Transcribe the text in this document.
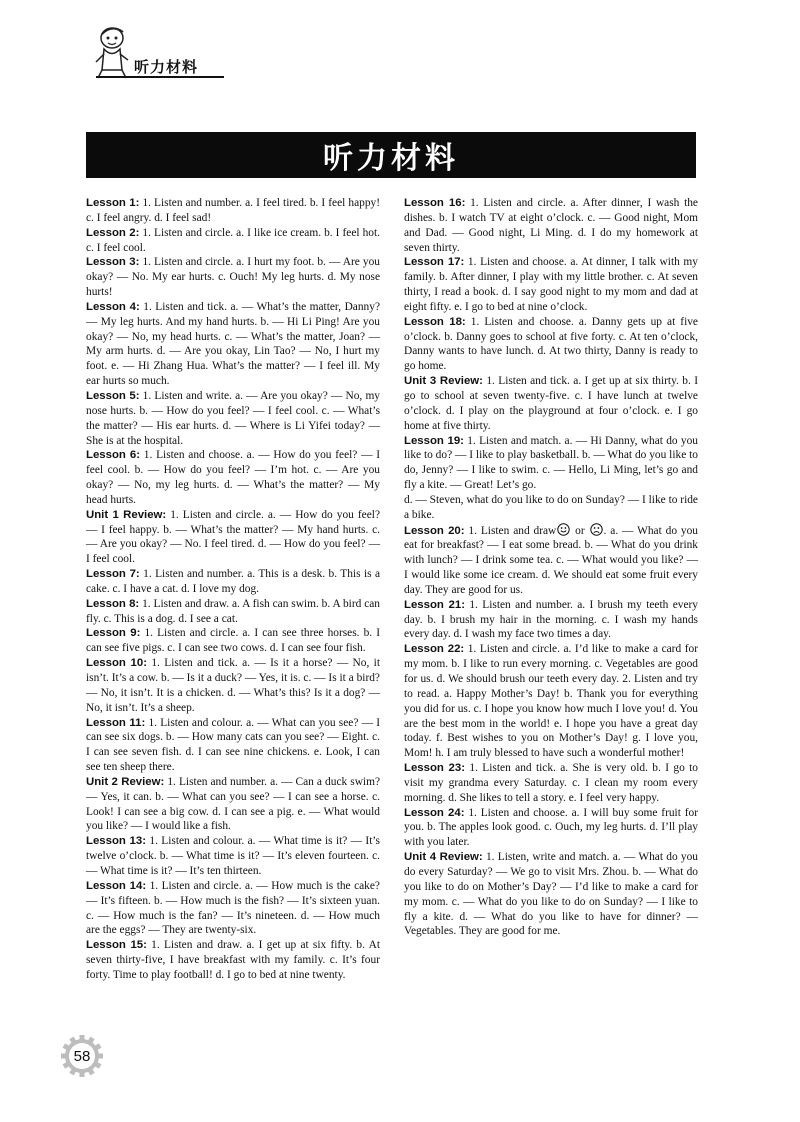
听力材料
听力材料

Lesson 1: 1. Listen and number. a. I feel tired. b. I feel happy! c. I feel angry. d. I feel sad!

Lesson 2: 1. Listen and circle. a. I like ice cream. b. I feel hot. c. I feel cool.

Lesson 3: 1. Listen and circle. a. I hurt my foot. b. — Are you okay? — No. My ear hurts. c. Ouch! My leg hurts. d. My nose hurts!

Lesson 4: 1. Listen and tick. a. — What’s the matter, Danny? — My leg hurts. And my hand hurts. b. — Hi Li Ping! Are you okay? — No, my head hurts. c. — What’s the matter, Joan? — My arm hurts. d. — Are you okay, Lin Tao? — No, I hurt my foot. e. — Hi Zhang Hua. What’s the matter? — I feel ill. My ear hurts so much.

Lesson 5: 1. Listen and write. a. — Are you okay? — No, my nose hurts. b. — How do you feel? — I feel cool. c. — What’s the matter? — His ear hurts. d. — Where is Li Yifei today? — She is at the hospital.

Lesson 6: 1. Listen and choose. a. — How do you feel? — I feel cool. b. — How do you feel? — I’m hot. c. — Are you okay? — No, my leg hurts. d. — What’s the matter? — My head hurts.

Unit 1 Review: 1. Listen and circle. a. — How do you feel? — I feel happy. b. — What’s the matter? — My hand hurts. c. — Are you okay? — No. I feel tired. d. — How do you feel? — I feel cool.

Lesson 7: 1. Listen and number. a. This is a desk. b. This is a cake. c. I have a cat. d. I love my dog.

Lesson 8: 1. Listen and draw. a. A fish can swim. b. A bird can fly. c. This is a dog. d. I see a cat.

Lesson 9: 1. Listen and circle. a. I can see three horses. b. I can see five pigs. c. I can see two cows. d. I can see four fish.

Lesson 10: 1. Listen and tick. a. — Is it a horse? — No, it isn’t. It’s a cow. b. — Is it a duck? — Yes, it is. c. — Is it a bird? — No, it isn’t. It is a chicken. d. — What’s this? Is it a dog? — No, it isn’t. It’s a sheep.

Lesson 11: 1. Listen and colour. a. — What can you see? — I can see six dogs. b. — How many cats can you see? — Eight. c. I can see seven fish. d. I can see nine chickens. e. Look, I can see ten sheep there.

Unit 2 Review: 1. Listen and number. a. — Can a duck swim? — Yes, it can. b. — What can you see? — I can see a horse. c. Look! I can see a big cow. d. I can see a pig. e. — What would you like? — I would like a fish.

Lesson 13: 1. Listen and colour. a. — What time is it? — It’s twelve o’clock. b. — What time is it? — It’s eleven fourteen. c. — What time is it? — It’s ten thirteen.

Lesson 14: 1. Listen and circle. a. — How much is the cake? — It’s fifteen. b. — How much is the fish? — It’s sixteen yuan. c. — How much is the fan? — It’s nineteen. d. — How much are the eggs? — They are twenty-six.

Lesson 15: 1. Listen and draw. a. I get up at six fifty. b. At seven thirty-five, I have breakfast with my family. c. It’s four forty. Time to play football! d. I go to bed at nine twenty.

Lesson 16: 1. Listen and circle. a. After dinner, I wash the dishes. b. I watch TV at eight o’clock. c. — Good night, Mom and Dad. — Good night, Li Ming. d. I do my homework at seven thirty.

Lesson 17: 1. Listen and choose. a. At dinner, I talk with my family. b. After dinner, I play with my little brother. c. At seven thirty, I read a book. d. I say good night to my mom and dad at eight fifty. e. I go to bed at nine o’clock.

Lesson 18: 1. Listen and choose. a. Danny gets up at five o’clock. b. Danny goes to school at five forty. c. At ten o’clock, Danny wants to have lunch. d. At two thirty, Danny is ready to go home.

Unit 3 Review: 1. Listen and tick. a. I get up at six thirty. b. I go to school at seven twenty-five. c. I have lunch at twelve o’clock. d. I play on the playground at four o’clock. e. I go home at five thirty.

Lesson 19: 1. Listen and match. a. — Hi Danny, what do you like to do? — I like to play basketball. b. — What do you like to do, Jenny? — I like to swim. c. — Hello, Li Ming, let’s go and fly a kite. — Great! Let’s go.

d. — Steven, what do you like to do on Sunday? — I like to ride a bike.

Lesson 20: 1. Listen and draw or . a. — What do you eat for breakfast? — I eat some bread. b. — What do you drink with lunch? — I drink some tea. c. — What would you like? — I would like some ice cream. d. We should eat some fruit every day. They are good for us.

Lesson 21: 1. Listen and number. a. I brush my teeth every day. b. I brush my hair in the morning. c. I wash my hands every day. d. I wash my face two times a day.

Lesson 22: 1. Listen and circle. a. I’d like to make a card for my mom. b. I like to run every morning. c. Vegetables are good for us. d. We should brush our teeth every day. 2. Listen and try to read. a. Happy Mother’s Day! b. Thank you for everything you did for us. c. I hope you know how much I love you! d. You are the best mom in the world! e. I hope you have a great day today. f. Best wishes to you on Mother’s Day! g. I love you, Mom! h. I am truly blessed to have such a wonderful mother!

Lesson 23: 1. Listen and tick. a. She is very old. b. I go to visit my grandma every Saturday. c. I clean my room every morning. d. She likes to tell a story. e. I feel very happy.

Lesson 24: 1. Listen and choose. a. I will buy some fruit for you. b. The apples look good. c. Ouch, my leg hurts. d. I’ll play with you later.

Unit 4 Review: 1. Listen, write and match. a. — What do you do every Saturday? — We go to visit Mrs. Zhou. b. — What do you like to do on Mother’s Day? — I’d like to make a card for my mom. c. — What do you like to do on Sunday? — I like to fly a kite. d. — What do you like to have for dinner? — Vegetables. They are good for me.

58
